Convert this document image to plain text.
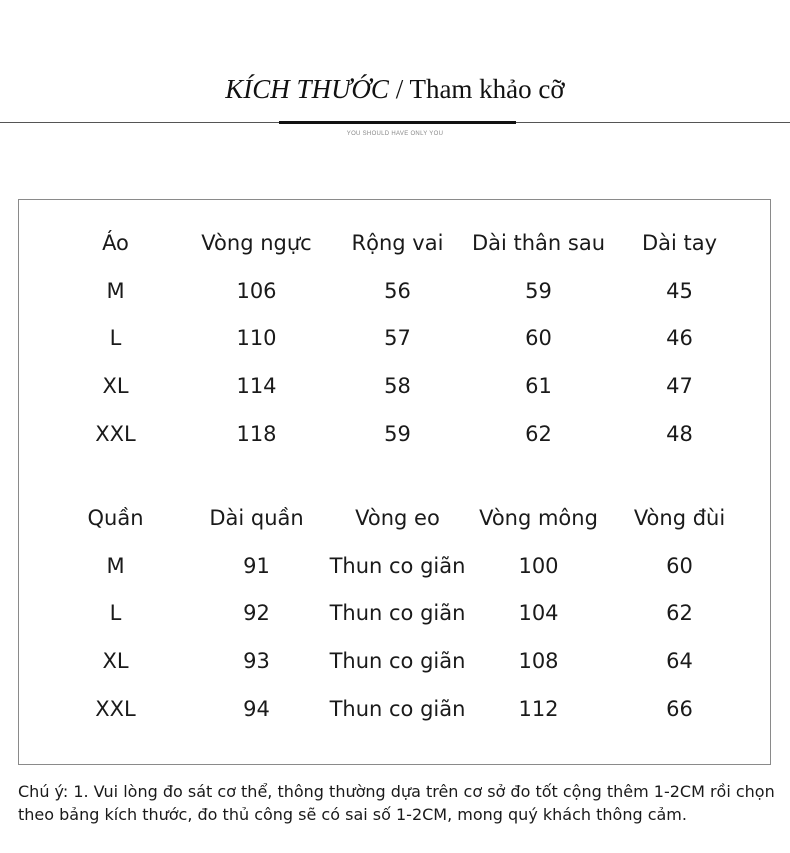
KÍCH THƯỚC / Tham khảo cỡ
YOU SHOULD HAVE ONLY YOU
Áo	Vòng ngực	Rộng vai	Dài thân sau	Dài tay
M	106	56	59	45
L	110	57	60	46
XL	114	58	61	47
XXL	118	59	62	48
Quần	Dài quần	Vòng eo	Vòng mông	Vòng đùi
M	91	Thun co giãn	100	60
L	92	Thun co giãn	104	62
XL	93	Thun co giãn	108	64
XXL	94	Thun co giãn	112	66
Chú ý: 1. Vui lòng đo sát cơ thể, thông thường dựa trên cơ sở đo tốt cộng thêm 1-2CM rồi chọn
theo bảng kích thước, đo thủ công sẽ có sai số 1-2CM, mong quý khách thông cảm.
